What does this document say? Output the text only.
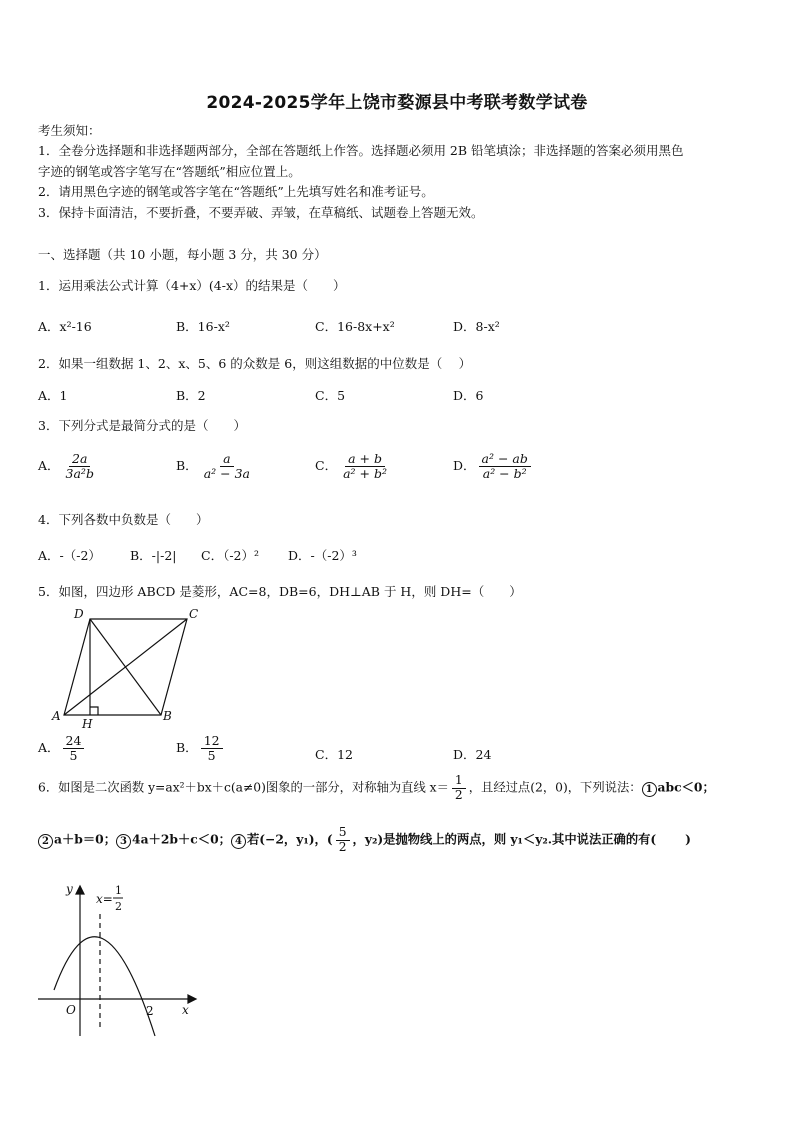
2024-2025学年上饶市婺源县中考联考数学试卷
考生须知：
1．全卷分选择题和非选择题两部分，全部在答题纸上作答。选择题必须用 2B 铅笔填涂；非选择题的答案必须用黑色
字迹的钢笔或答字笔写在“答题纸”相应位置上。
2．请用黑色字迹的钢笔或答字笔在“答题纸”上先填写姓名和准考证号。
3．保持卡面清洁，不要折叠，不要弄破、弄皱，在草稿纸、试题卷上答题无效。
一、选择题（共 10 小题，每小题 3 分，共 30 分）
1．运用乘法公式计算（4+x）(4-x）的结果是（　　）
A．x²-16	B．16-x²	C．16-8x+x²	D．8-x²
2．如果一组数据 1、2、x、5、6 的众数是 6，则这组数据的中位数是（　 ）
A．1	B．2	C．5	D．6
3．下列分式是最简分式的是（　　）
A． $\frac{2a}{\text{3a²b}}$	B． $\frac{a}{\text{a² − 3a}}$	C． $\frac{a + b}{\text{a² + b²}}$	D． $\frac{\text{a² − ab}}{\text{a² − b²}}$
4．下列各数中负数是（　　）
A．-（-2） B．-|-2| C．（-2）² D．-（-2）³
5．如图，四边形 ABCD 是菱形，AC=8，DB=6，DH⊥AB 于 H，则 DH=（　　）
D	C
A	B
H
A． $\frac{24}{5}$	B． $\frac{12}{5}$	C．12	D．24
6．如图是二次函数 y=ax²＋bx＋c(a≠0)图象的一部分，对称轴为直线 $x= \frac{1}{2}$ ，且经过点(2，0)，下列说法： 1 abc＜0；
2 a＋b＝0； 3 4a＋2b＋c＜0； 4 若(−2，y₁)，( $\frac{5}{2}$ ，y₂)是抛物线上的两点，则 y₁＜y₂.其中说法正确的有(　　 )
y
x
O	2
x=
1
2
